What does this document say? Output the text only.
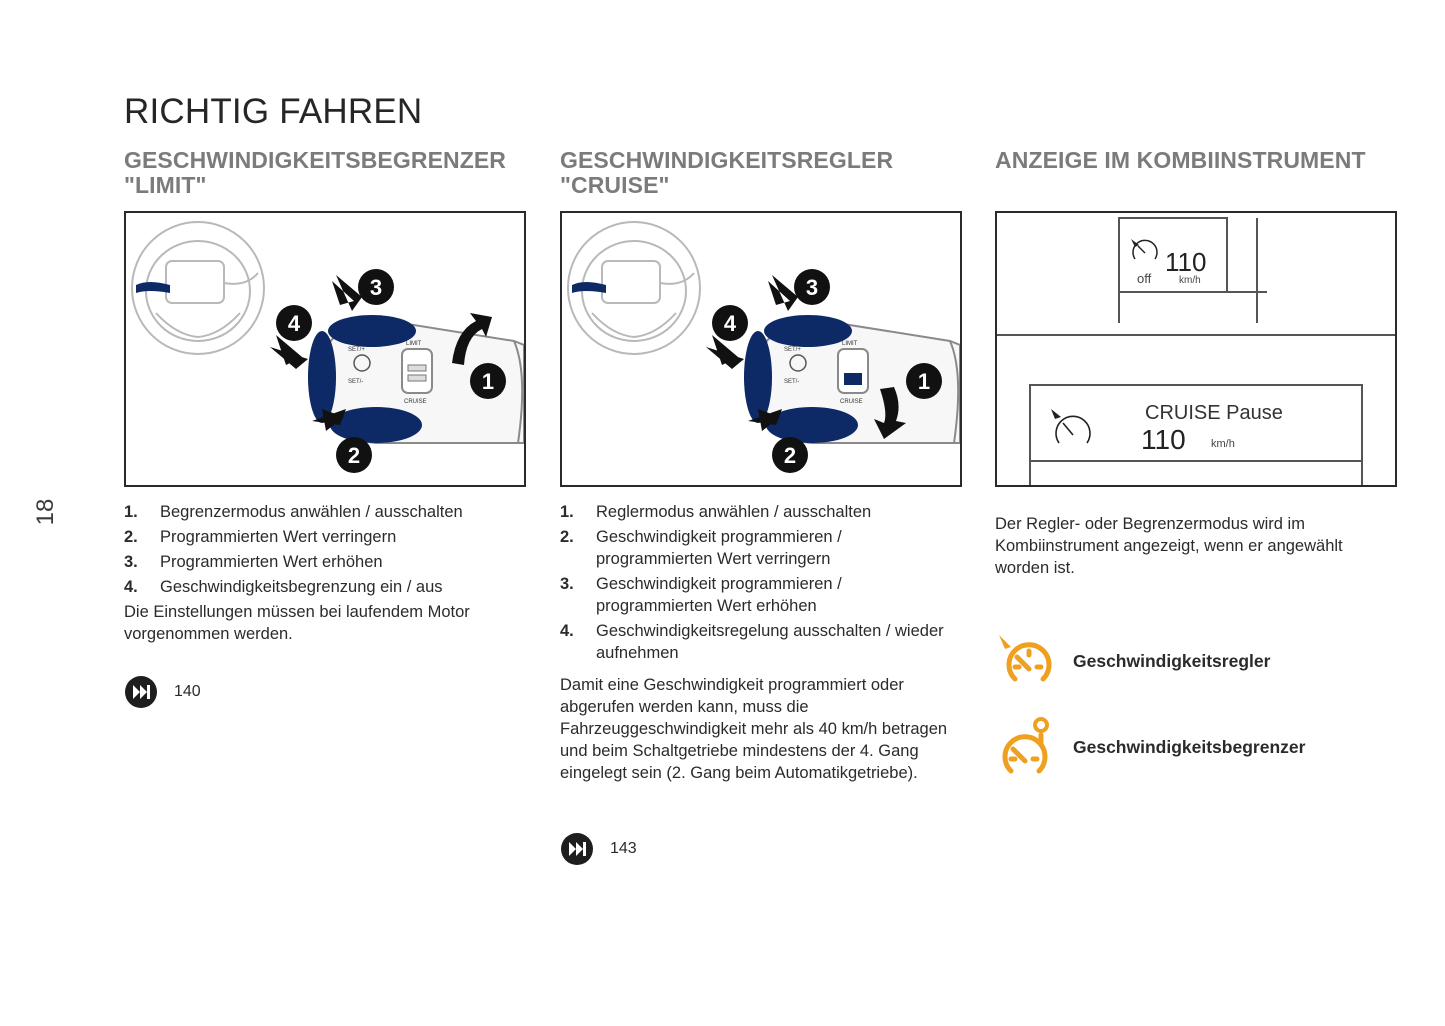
18
RICHTIG FAHREN
GESCHWINDIGKEITSBEGRENZER
"LIMIT"
SET/+
SET/-
LIMIT
CRUISE
1
2
3
4
1.	Begrenzermodus anwählen / ausschalten
2.	Programmierten Wert verringern
3.	Programmierten Wert erhöhen
4.	Geschwindigkeitsbegrenzung ein / aus

Die Einstellungen müssen bei laufendem Motor vorgenommen werden.

140
GESCHWINDIGKEITSREGLER
"CRUISE"
SET/+
SET/-
LIMIT
CRUISE
1
2
3
4
1.	Reglermodus anwählen / ausschalten
2.	Geschwindigkeit programmieren / programmierten Wert verringern
3.	Geschwindigkeit programmieren / programmierten Wert erhöhen
4.	Geschwindigkeitsregelung ausschalten / wieder aufnehmen

Damit eine Geschwindigkeit programmiert oder abgerufen werden kann, muss die Fahrzeuggeschwindigkeit mehr als 40 km/h betragen und beim Schaltgetriebe mindestens der 4. Gang eingelegt sein (2. Gang beim Automatikgetriebe).

143
ANZEIGE IM KOMBIINSTRUMENT
110
off	km/h
CRUISE Pause
110 km/h

Der Regler- oder Begrenzermodus wird im Kombiinstrument angezeigt, wenn er angewählt worden ist.

Geschwindigkeitsregler
Geschwindigkeitsbegrenzer
